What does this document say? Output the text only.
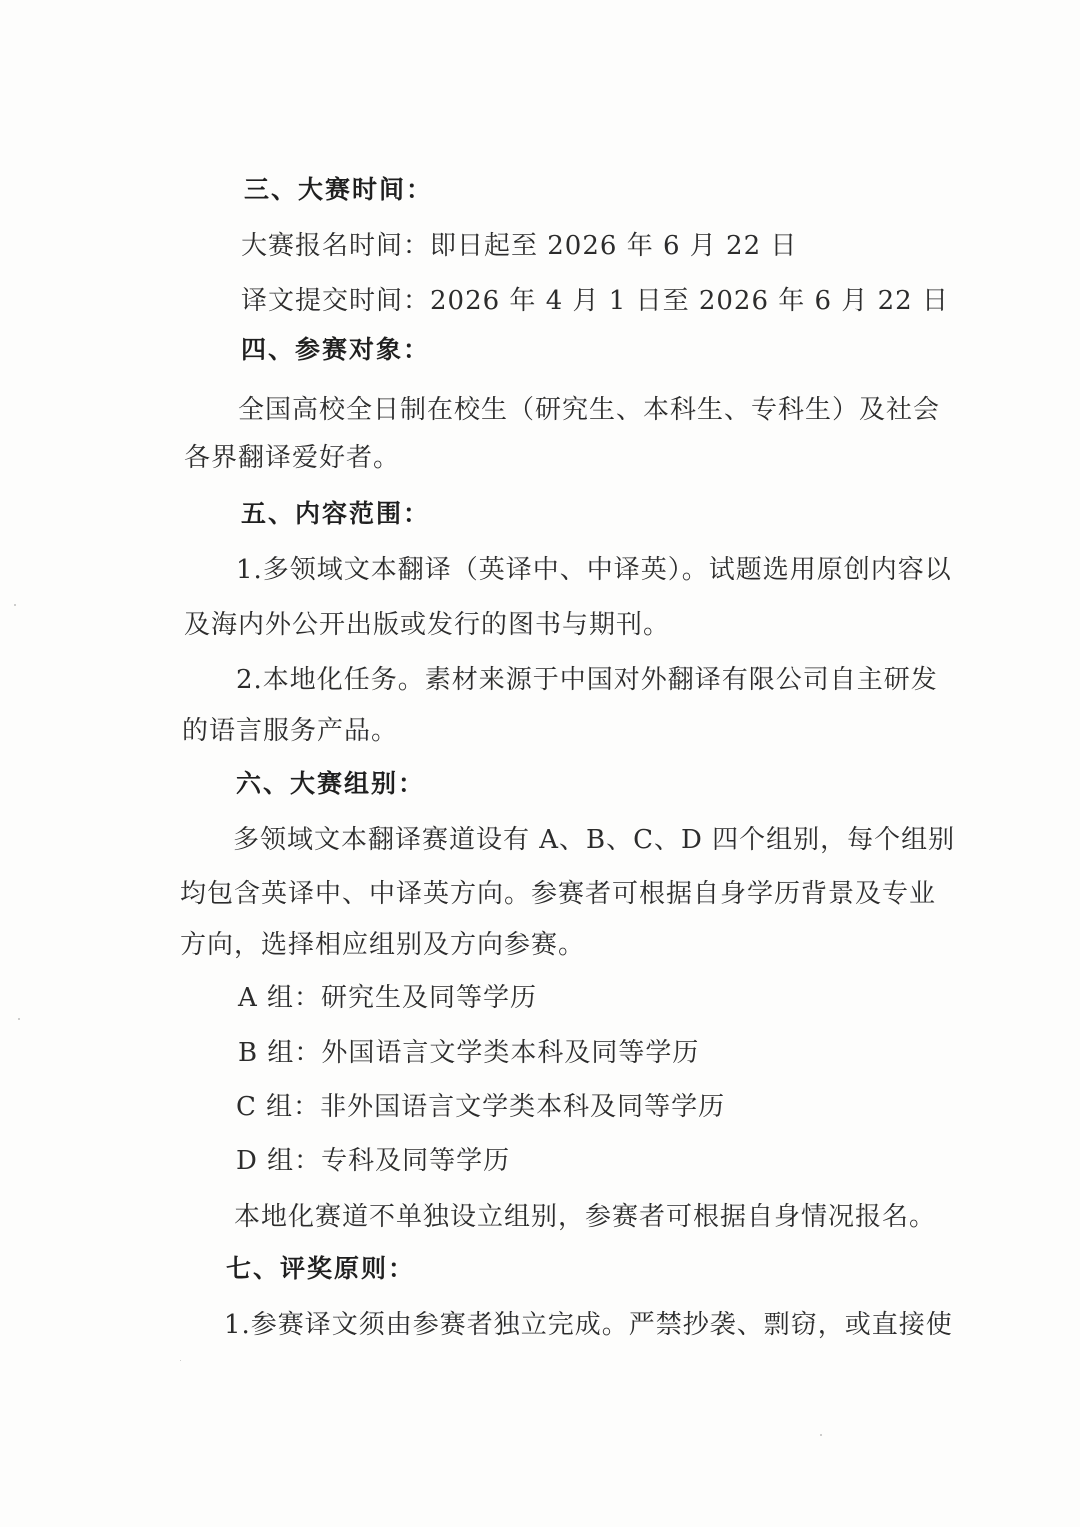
三、大赛时间：
大赛报名时间：即日起至 2026 年 6 月 22 日
译文提交时间：2026 年 4 月 1 日至 2026 年 6 月 22 日
四、参赛对象：
全国高校全日制在校生（研究生、本科生、专科生）及社会
各界翻译爱好者。
五、内容范围：
1.多领域文本翻译（英译中、中译英）。试题选用原创内容以
及海内外公开出版或发行的图书与期刊。
2.本地化任务。素材来源于中国对外翻译有限公司自主研发
的语言服务产品。
六、大赛组别：
多领域文本翻译赛道设有 A、B、C、D 四个组别，每个组别
均包含英译中、中译英方向。参赛者可根据自身学历背景及专业
方向，选择相应组别及方向参赛。
A 组：研究生及同等学历
B 组：外国语言文学类本科及同等学历
C 组：非外国语言文学类本科及同等学历
D 组：专科及同等学历
本地化赛道不单独设立组别，参赛者可根据自身情况报名。
七、评奖原则：
1.参赛译文须由参赛者独立完成。严禁抄袭、剽窃，或直接使
